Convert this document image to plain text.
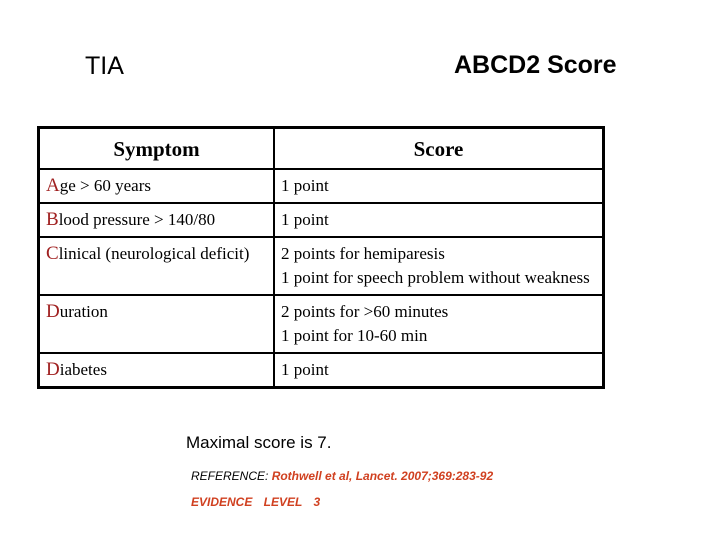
TIA	ABCD2 Score
Symptom	Score
Age > 60 years	1 point

Blood pressure > 140/80	1 point

Clinical (neurological deficit)	2 points for hemiparesis
1 point for speech problem without weakness

Duration	2 points for >60 minutes
1 point for 10-60 min

Diabetes	1 point
Maximal score is 7.
REFERENCE: Rothwell et al, Lancet. 2007;369:283-92
EVIDENCE LEVEL 3
